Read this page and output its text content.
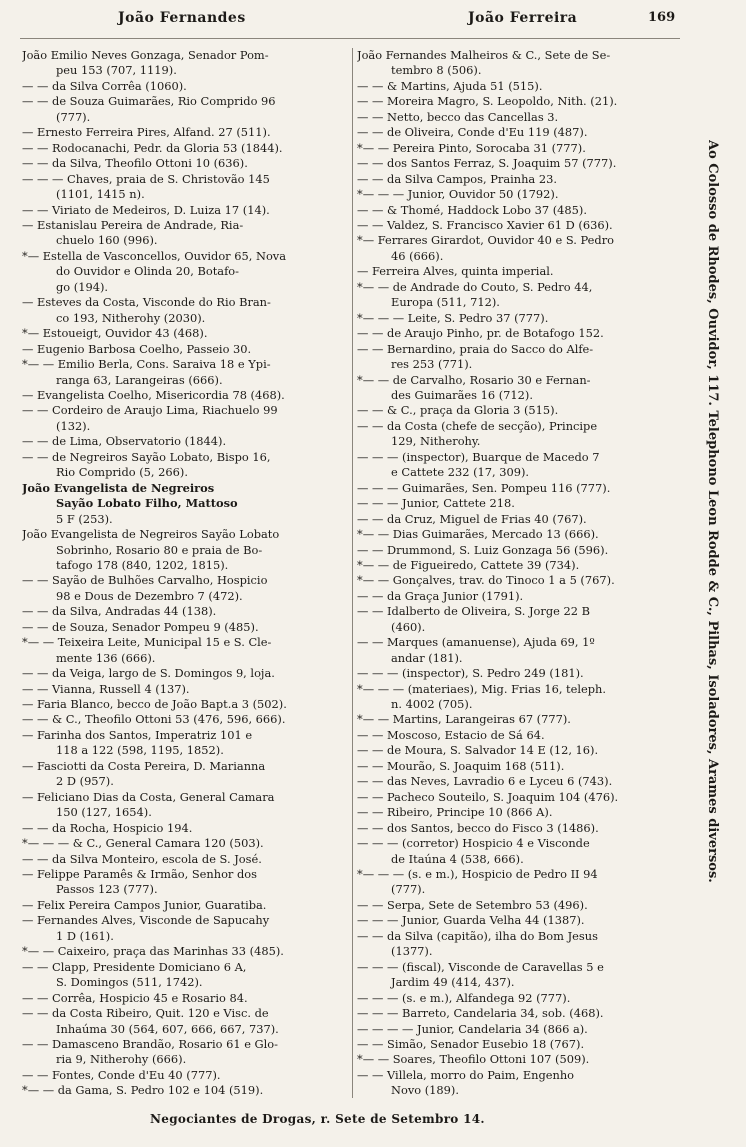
João Fernandes	João Ferreira	169
João Emilio Neves Gonzaga, Senador Pom-
peu 153 (707, 1119).
— — da Silva Corrêa (1060).
— — de Souza Guimarães, Rio Comprido 96
(777).
— Ernesto Ferreira Pires, Alfand. 27 (511).
— — Rodocanachi, Pedr. da Gloria 53 (1844).
— — da Silva, Theofilo Ottoni 10 (636).
— — — Chaves, praia de S. Christovão 145
(1101, 1415 n).
— — Viriato de Medeiros, D. Luiza 17 (14).
— Estanislau Pereira de Andrade, Ria-
chuelo 160 (996).
*— Estella de Vasconcellos, Ouvidor 65, Nova
do Ouvidor e Olinda 20, Botafo-
go (194).
— Esteves da Costa, Visconde do Rio Bran-
co 193, Nitherohy (2030).
*— Estoueigt, Ouvidor 43 (468).
— Eugenio Barbosa Coelho, Passeio 30.
*— — Emilio Berla, Cons. Saraiva 18 e Ypi-
ranga 63, Larangeiras (666).
— Evangelista Coelho, Misericordia 78 (468).
— — Cordeiro de Araujo Lima, Riachuelo 99
(132).
— — de Lima, Observatorio (1844).
— — de Negreiros Sayão Lobato, Bispo 16,
Rio Comprido (5, 266).
João Evangelista de Negreiros
Sayão Lobato Filho, Mattoso
5 F (253).
João Evangelista de Negreiros Sayão Lobato
Sobrinho, Rosario 80 e praia de Bo-
tafogo 178 (840, 1202, 1815).
— — Sayão de Bulhões Carvalho, Hospicio
98 e Dous de Dezembro 7 (472).
— — da Silva, Andradas 44 (138).
— — de Souza, Senador Pompeu 9 (485).
*— — Teixeira Leite, Municipal 15 e S. Cle-
mente 136 (666).
— — da Veiga, largo de S. Domingos 9, loja.
— — Vianna, Russell 4 (137).
— Faria Blanco, becco de João Bapt.a 3 (502).
— — & C., Theofilo Ottoni 53 (476, 596, 666).
— Farinha dos Santos, Imperatriz 101 e
118 a 122 (598, 1195, 1852).
— Fasciotti da Costa Pereira, D. Marianna
2 D (957).
— Feliciano Dias da Costa, General Camara
150 (127, 1654).
— — da Rocha, Hospicio 194.
*— — — & C., General Camara 120 (503).
— — da Silva Monteiro, escola de S. José.
— Felippe Paramês & Irmão, Senhor dos
Passos 123 (777).
— Felix Pereira Campos Junior, Guaratiba.
— Fernandes Alves, Visconde de Sapucahy
1 D (161).
*— — Caixeiro, praça das Marinhas 33 (485).
— — Clapp, Presidente Domiciano 6 A,
S. Domingos (511, 1742).
— — Corrêa, Hospicio 45 e Rosario 84.
— — da Costa Ribeiro, Quit. 120 e Visc. de
Inhaúma 30 (564, 607, 666, 667, 737).
— — Damasceno Brandão, Rosario 61 e Glo-
ria 9, Nitherohy (666).
— — Fontes, Conde d'Eu 40 (777).
*— — da Gama, S. Pedro 102 e 104 (519).
João Fernandes Malheiros & C., Sete de Se-
tembro 8 (506).
— — & Martins, Ajuda 51 (515).
— — Moreira Magro, S. Leopoldo, Nith. (21).
— — Netto, becco das Cancellas 3.
— — de Oliveira, Conde d'Eu 119 (487).
*— — Pereira Pinto, Sorocaba 31 (777).
— — dos Santos Ferraz, S. Joaquim 57 (777).
— — da Silva Campos, Prainha 23.
*— — — Junior, Ouvidor 50 (1792).
— — & Thomé, Haddock Lobo 37 (485).
— — Valdez, S. Francisco Xavier 61 D (636).
*— Ferrares Girardot, Ouvidor 40 e S. Pedro
46 (666).
— Ferreira Alves, quinta imperial.
*— — de Andrade do Couto, S. Pedro 44,
Europa (511, 712).
*— — — Leite, S. Pedro 37 (777).
— — de Araujo Pinho, pr. de Botafogo 152.
— — Bernardino, praia do Sacco do Alfe-
res 253 (771).
*— — de Carvalho, Rosario 30 e Fernan-
des Guimarães 16 (712).
— — & C., praça da Gloria 3 (515).
— — da Costa (chefe de secção), Principe
129, Nitherohy.
— — — (inspector), Buarque de Macedo 7
e Cattete 232 (17, 309).
— — — Guimarães, Sen. Pompeu 116 (777).
— — — Junior, Cattete 218.
— — da Cruz, Miguel de Frias 40 (767).
*— — Dias Guimarães, Mercado 13 (666).
— — Drummond, S. Luiz Gonzaga 56 (596).
*— — de Figueiredo, Cattete 39 (734).
*— — Gonçalves, trav. do Tinoco 1 a 5 (767).
— — da Graça Junior (1791).
— — Idalberto de Oliveira, S. Jorge 22 B
(460).
— — Marques (amanuense), Ajuda 69, 1º
andar (181).
— — — (inspector), S. Pedro 249 (181).
*— — — (materiaes), Mig. Frias 16, teleph.
n. 4002 (705).
*— — Martins, Larangeiras 67 (777).
— — Moscoso, Estacio de Sá 64.
— — de Moura, S. Salvador 14 E (12, 16).
— — Mourão, S. Joaquim 168 (511).
— — das Neves, Lavradio 6 e Lyceu 6 (743).
— — Pacheco Souteilo, S. Joaquim 104 (476).
— — Ribeiro, Principe 10 (866 A).
— — dos Santos, becco do Fisco 3 (1486).
— — — (corretor) Hospicio 4 e Visconde
de Itaúna 4 (538, 666).
*— — — (s. e m.), Hospicio de Pedro II 94
(777).
— — Serpa, Sete de Setembro 53 (496).
— — — Junior, Guarda Velha 44 (1387).
— — da Silva (capitão), ilha do Bom Jesus
(1377).
— — — (fiscal), Visconde de Caravellas 5 e
Jardim 49 (414, 437).
— — — (s. e m.), Alfandega 92 (777).
— — — Barreto, Candelaria 34, sob. (468).
— — — — Junior, Candelaria 34 (866 a).
— — Simão, Senador Eusebio 18 (767).
*— — Soares, Theofilo Ottoni 107 (509).
— — Villela, morro do Paim, Engenho
Novo (189).
Ao Colosso de Rhodes, Ouvidor, 117. Telephono Leon Rodde & C., Pilhas, Isoladores, Arames diversos.
Negociantes de Drogas, r. Sete de Setembro 14.
